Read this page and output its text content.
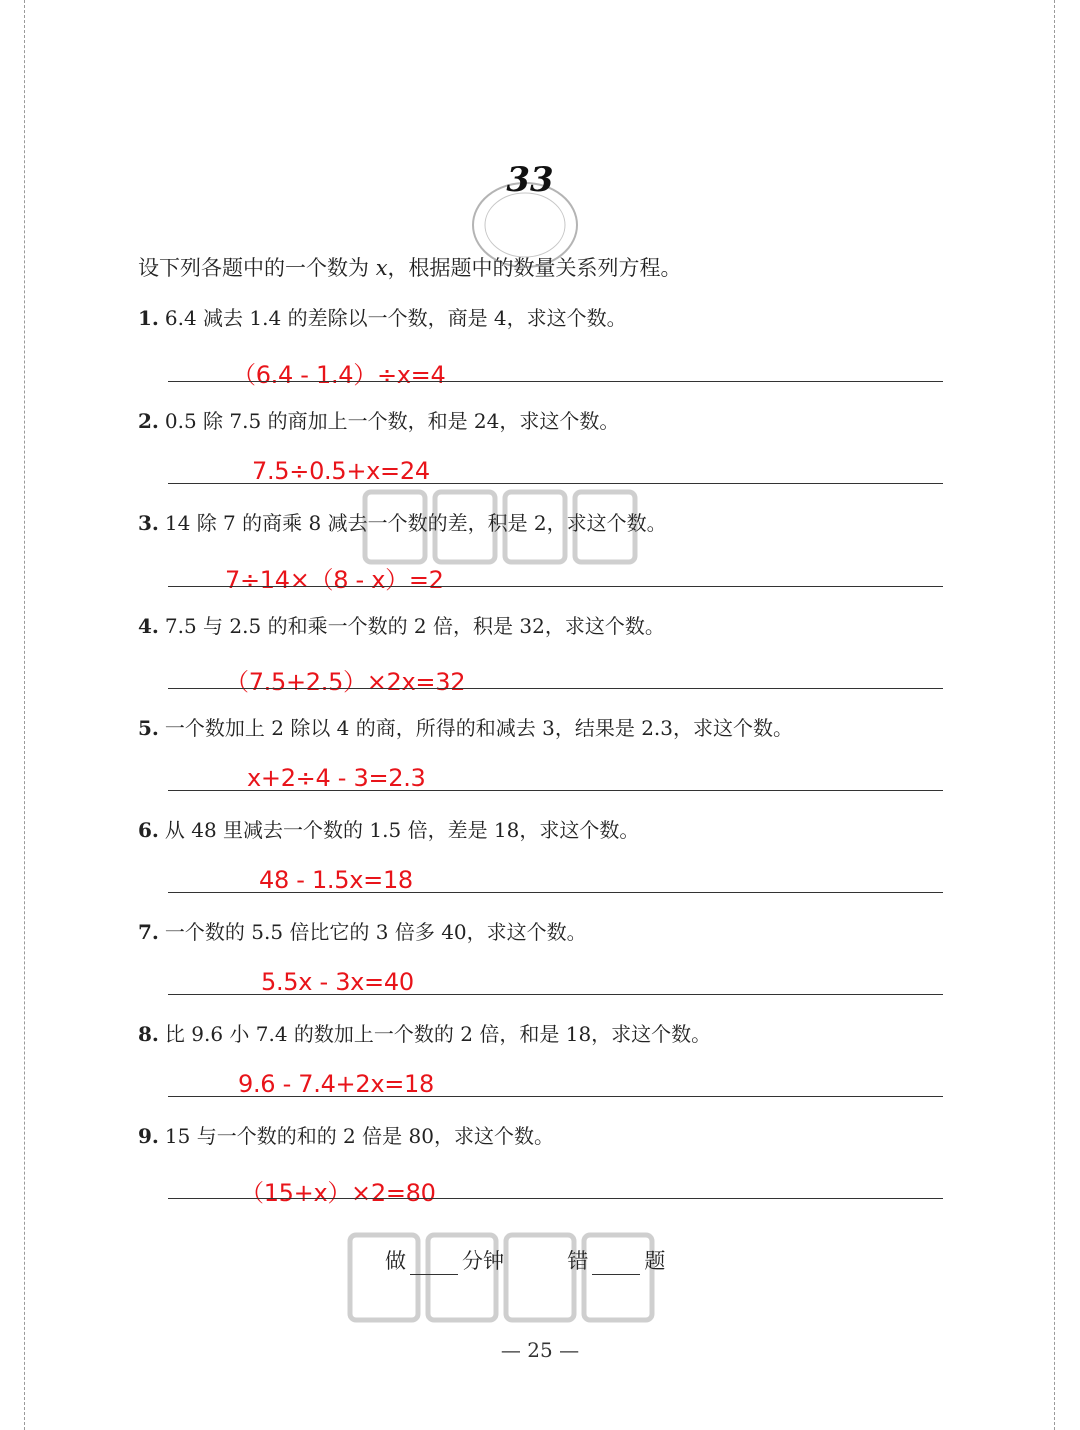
33
设下列各题中的一个数为 x，根据题中的数量关系列方程。
1. 6.4 减去 1.4 的差除以一个数，商是 4，求这个数。
（6.4 - 1.4）÷x=4
2. 0.5 除 7.5 的商加上一个数，和是 24，求这个数。
7.5÷0.5+x=24
3. 14 除 7 的商乘 8 减去一个数的差，积是 2，求这个数。
7÷14×（8 - x）=2
4. 7.5 与 2.5 的和乘一个数的 2 倍，积是 32，求这个数。
（7.5+2.5）×2x=32
5. 一个数加上 2 除以 4 的商，所得的和减去 3，结果是 2.3，求这个数。
x+2÷4 - 3=2.3
6. 从 48 里减去一个数的 1.5 倍，差是 18，求这个数。
48 - 1.5x=18
7. 一个数的 5.5 倍比它的 3 倍多 40，求这个数。
5.5x - 3x=40
8. 比 9.6 小 7.4 的数加上一个数的 2 倍，和是 18，求这个数。
9.6 - 7.4+2x=18
9. 15 与一个数的和的 2 倍是 80，求这个数。
（15+x）×2=80
做	分钟	错	题
— 25 —
